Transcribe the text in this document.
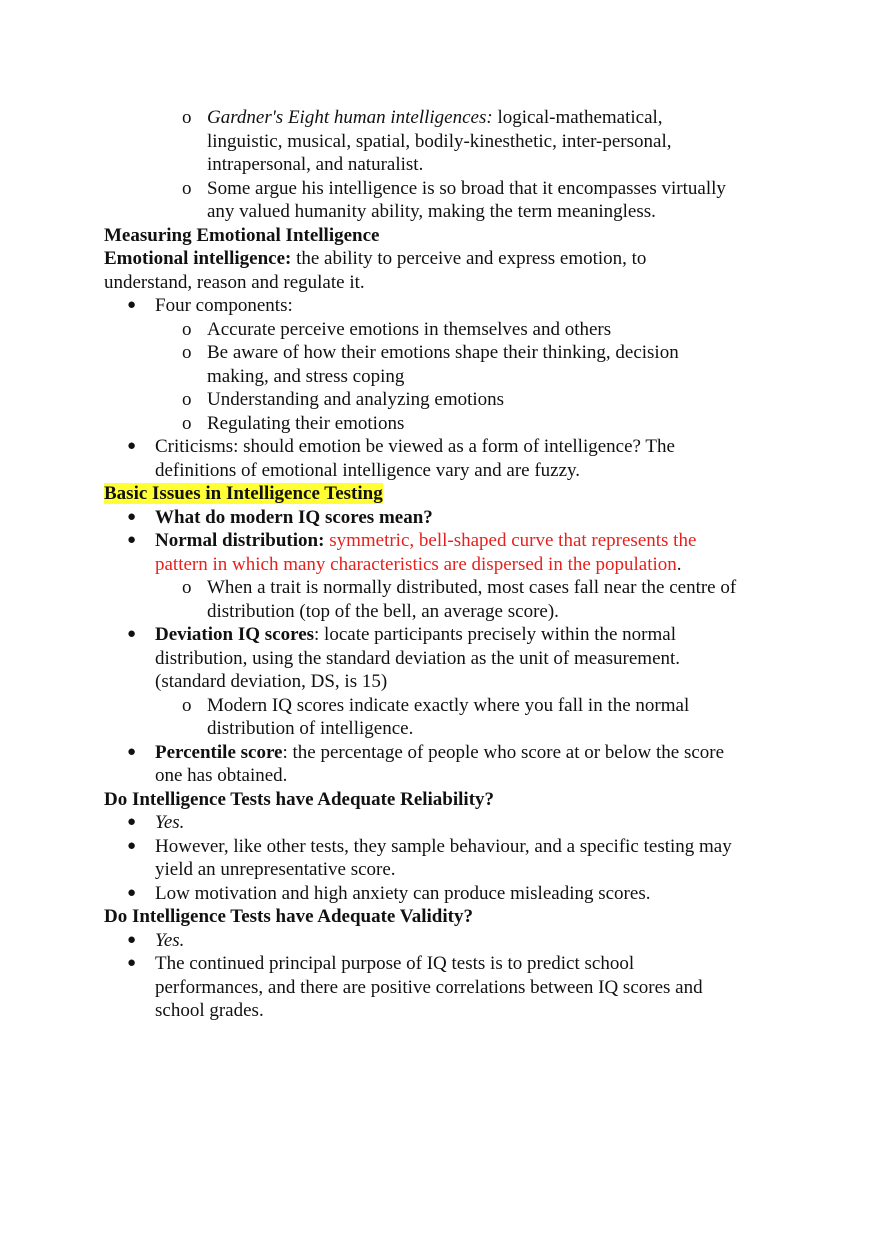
o Gardner's Eight human intelligences: logical-mathematical,
linguistic, musical, spatial, bodily-kinesthetic, inter-personal,
intrapersonal, and naturalist.
o Some argue his intelligence is so broad that it encompasses virtually
any valued humanity ability, making the term meaningless.
Measuring Emotional Intelligence
Emotional intelligence: the ability to perceive and express emotion, to
understand, reason and regulate it.
● Four components:
o Accurate perceive emotions in themselves and others
o Be aware of how their emotions shape their thinking, decision
making, and stress coping
o Understanding and analyzing emotions
o Regulating their emotions
● Criticisms: should emotion be viewed as a form of intelligence? The
definitions of emotional intelligence vary and are fuzzy.
Basic Issues in Intelligence Testing
● What do modern IQ scores mean?
● Normal distribution: symmetric, bell-shaped curve that represents the
pattern in which many characteristics are dispersed in the population.
o When a trait is normally distributed, most cases fall near the centre of
distribution (top of the bell, an average score).
● Deviation IQ scores: locate participants precisely within the normal
distribution, using the standard deviation as the unit of measurement.
(standard deviation, DS, is 15)
o Modern IQ scores indicate exactly where you fall in the normal
distribution of intelligence.
● Percentile score: the percentage of people who score at or below the score
one has obtained.
Do Intelligence Tests have Adequate Reliability?
● Yes.
● However, like other tests, they sample behaviour, and a specific testing may
yield an unrepresentative score.
● Low motivation and high anxiety can produce misleading scores.
Do Intelligence Tests have Adequate Validity?
● Yes.
● The continued principal purpose of IQ tests is to predict school
performances, and there are positive correlations between IQ scores and
school grades.
